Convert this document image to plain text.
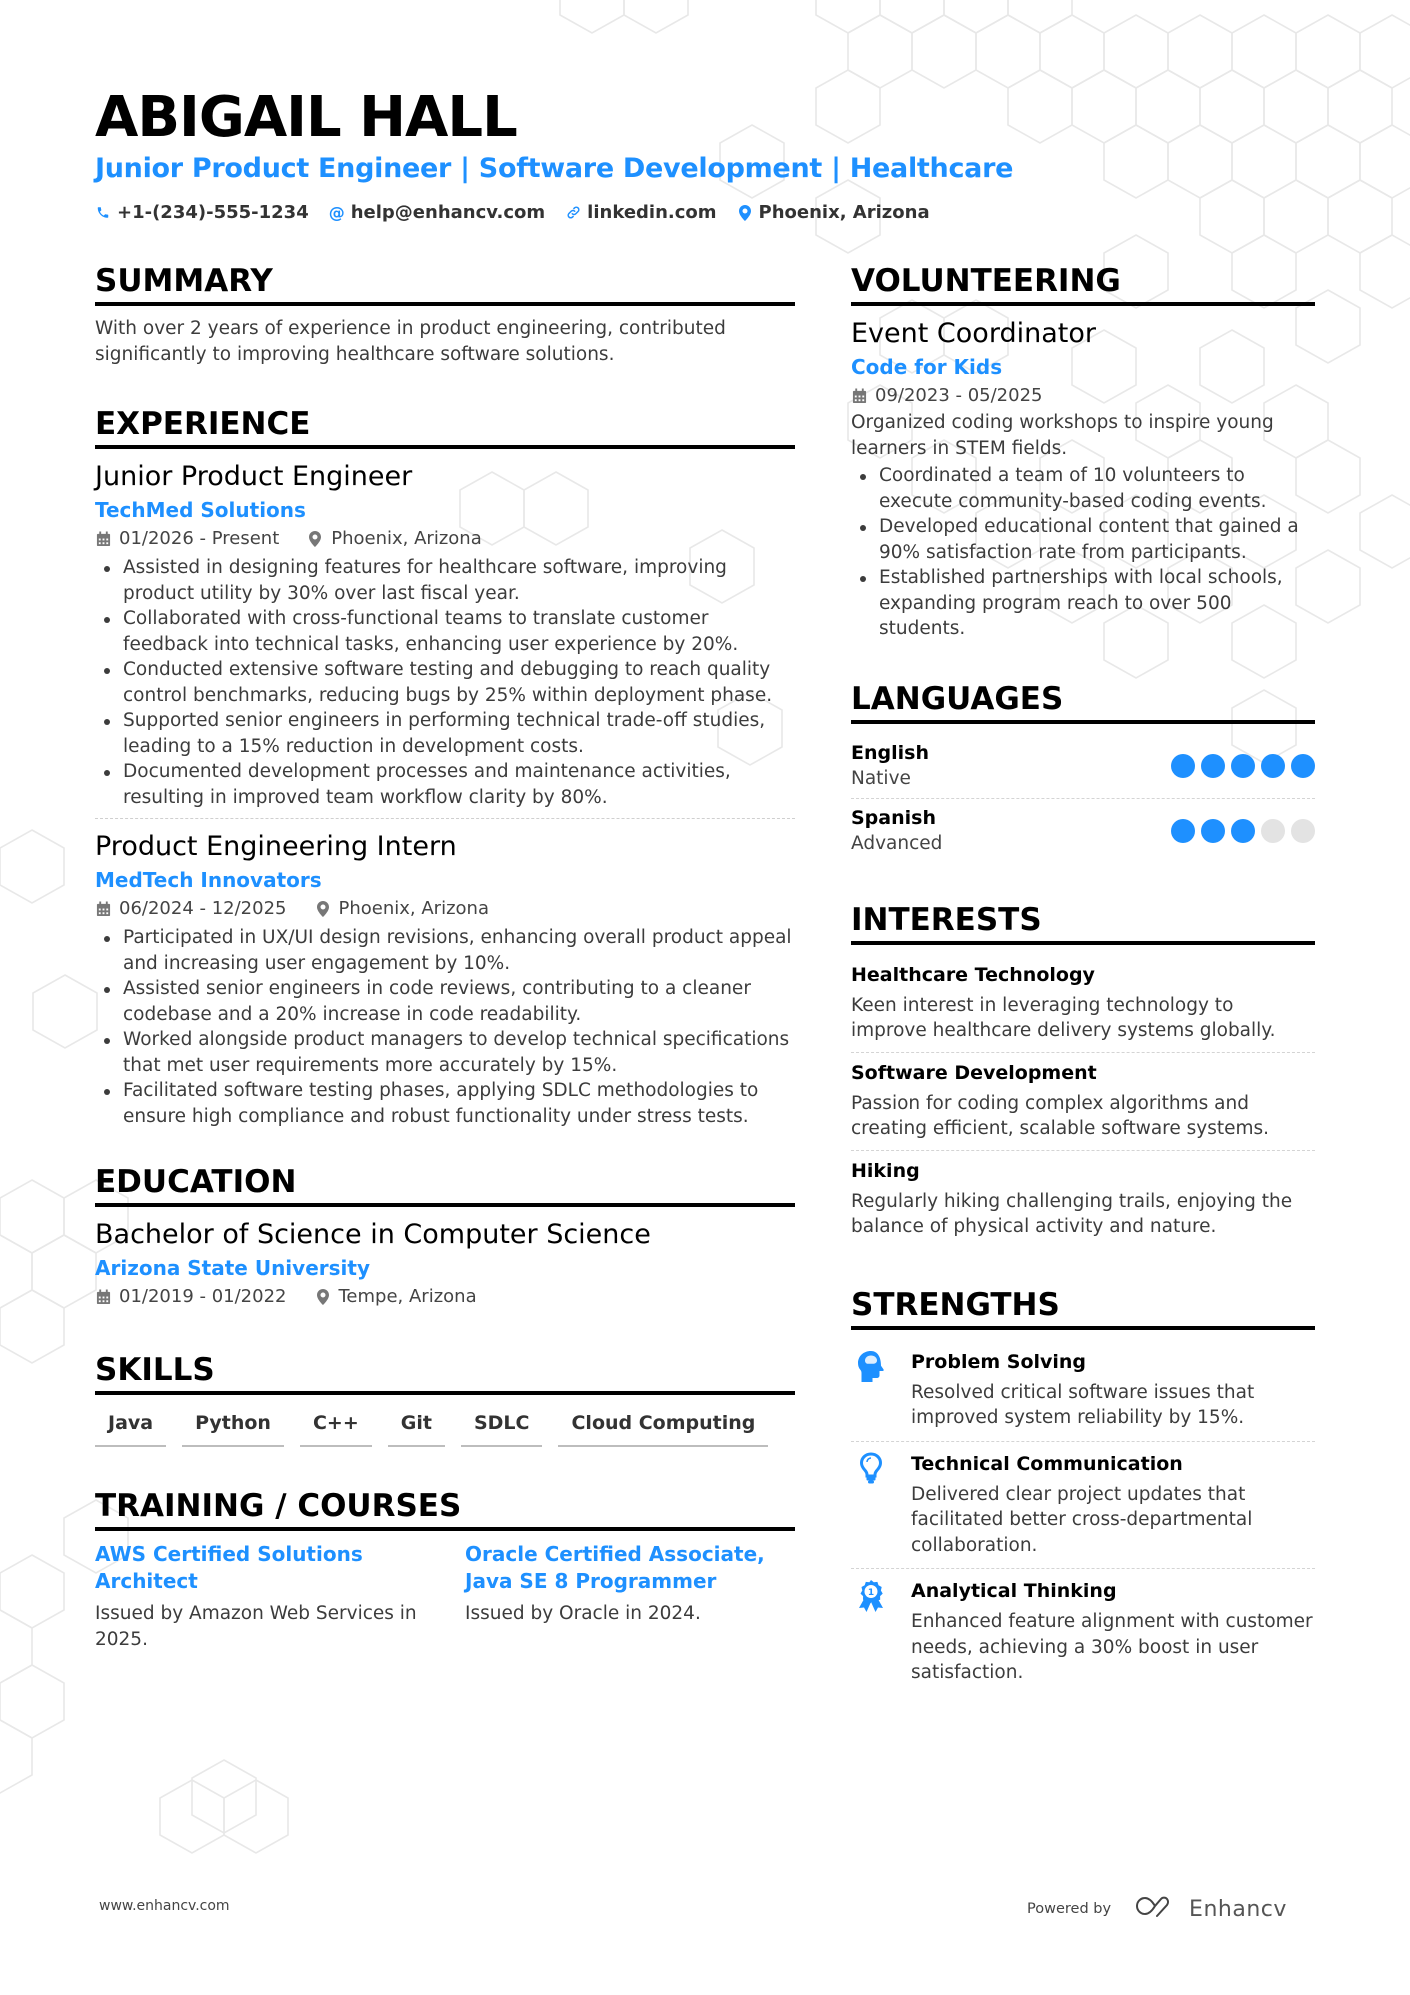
ABIGAIL HALL
Junior Product Engineer | Software Development | Healthcare
+1-(234)-555-1234 @ help@enhancv.com linkedin.com Phoenix, Arizona
SUMMARY
With over 2 years of experience in product engineering, contributed significantly to improving healthcare software solutions.
EXPERIENCE
Junior Product Engineer
TechMed Solutions
01/2026 - Present	Phoenix, Arizona
Assisted in designing features for healthcare software, improving product utility by 30% over last fiscal year.
Collaborated with cross-functional teams to translate customer feedback into technical tasks, enhancing user experience by 20%.
Conducted extensive software testing and debugging to reach quality control benchmarks, reducing bugs by 25% within deployment phase.
Supported senior engineers in performing technical trade-off studies, leading to a 15% reduction in development costs.
Documented development processes and maintenance activities, resulting in improved team workflow clarity by 80%.
Product Engineering Intern
MedTech Innovators
06/2024 - 12/2025	Phoenix, Arizona
Participated in UX/UI design revisions, enhancing overall product appeal and increasing user engagement by 10%.
Assisted senior engineers in code reviews, contributing to a cleaner codebase and a 20% increase in code readability.
Worked alongside product managers to develop technical specifications that met user requirements more accurately by 15%.
Facilitated software testing phases, applying SDLC methodologies to ensure high compliance and robust functionality under stress tests.
EDUCATION
Bachelor of Science in Computer Science
Arizona State University
01/2019 - 01/2022	Tempe, Arizona
SKILLS
Java	Python	C++	Git	SDLC	Cloud Computing
TRAINING / COURSES
AWS Certified Solutions Architect
Issued by Amazon Web Services in 2025.
Oracle Certified Associate, Java SE 8 Programmer
Issued by Oracle in 2024.
VOLUNTEERING
Event Coordinator
Code for Kids
09/2023 - 05/2025
Organized coding workshops to inspire young learners in STEM fields.
Coordinated a team of 10 volunteers to execute community-based coding events.
Developed educational content that gained a 90% satisfaction rate from participants.
Established partnerships with local schools, expanding program reach to over 500 students.
LANGUAGES
English
Native
Spanish
Advanced
INTERESTS
Healthcare Technology
Keen interest in leveraging technology to improve healthcare delivery systems globally.
Software Development
Passion for coding complex algorithms and creating efficient, scalable software systems.
Hiking
Regularly hiking challenging trails, enjoying the balance of physical activity and nature.
STRENGTHS
Problem Solving
Resolved critical software issues that improved system reliability by 15%.
Technical Communication
Delivered clear project updates that facilitated better cross-departmental collaboration.
1 Analytical Thinking
Enhanced feature alignment with customer needs, achieving a 30% boost in user satisfaction.
www.enhancv.com	Powered by	Enhancv
